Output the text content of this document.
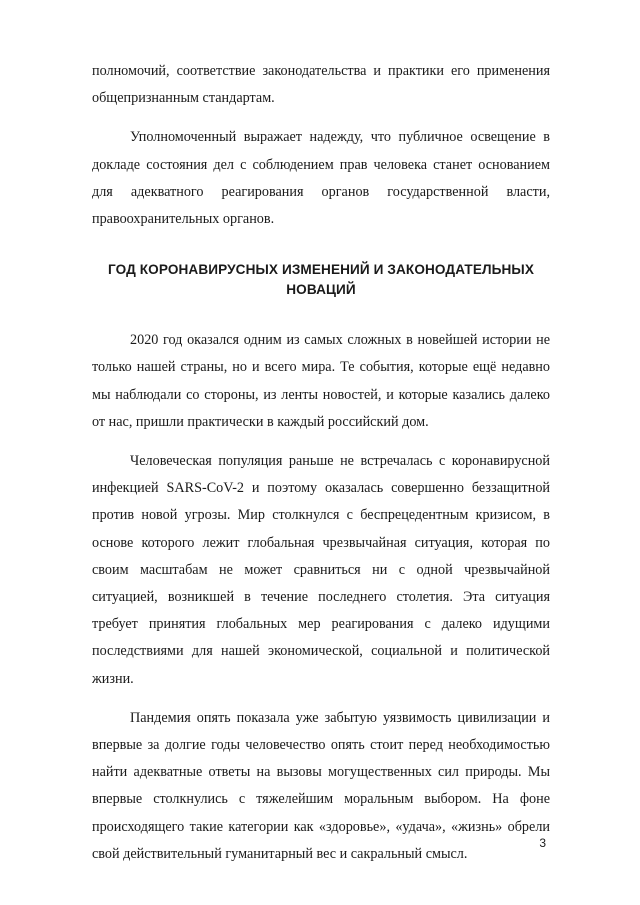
полномочий, соответствие законодательства и практики его применения общепризнанным стандартам.

Уполномоченный выражает надежду, что публичное освещение в докладе состояния дел с соблюдением прав человека станет основанием для адекватного реагирования органов государственной власти, правоохранительных органов.

ГОД КОРОНАВИРУСНЫХ ИЗМЕНЕНИЙ И ЗАКОНОДАТЕЛЬНЫХ НОВАЦИЙ

2020 год оказался одним из самых сложных в новейшей истории не только нашей страны, но и всего мира. Те события, которые ещё недавно мы наблюдали со стороны, из ленты новостей, и которые казались далеко от нас, пришли практически в каждый российский дом.

Человеческая популяция раньше не встречалась с коронавирусной инфекцией SARS-CoV-2 и поэтому оказалась совершенно беззащитной против новой угрозы. Мир столкнулся с беспрецедентным кризисом, в основе которого лежит глобальная чрезвычайная ситуация, которая по своим масштабам не может сравниться ни с одной чрезвычайной ситуацией, возникшей в течение последнего столетия. Эта ситуация требует принятия глобальных мер реагирования с далеко идущими последствиями для нашей экономической, социальной и политической жизни.

Пандемия опять показала уже забытую уязвимость цивилизации и впервые за долгие годы человечество опять стоит перед необходимостью найти адекватные ответы на вызовы могущественных сил природы. Мы впервые столкнулись с тяжелейшим моральным выбором. На фоне происходящего такие категории как «здоровье», «удача», «жизнь» обрели свой действительный гуманитарный вес и сакральный смысл.

3
